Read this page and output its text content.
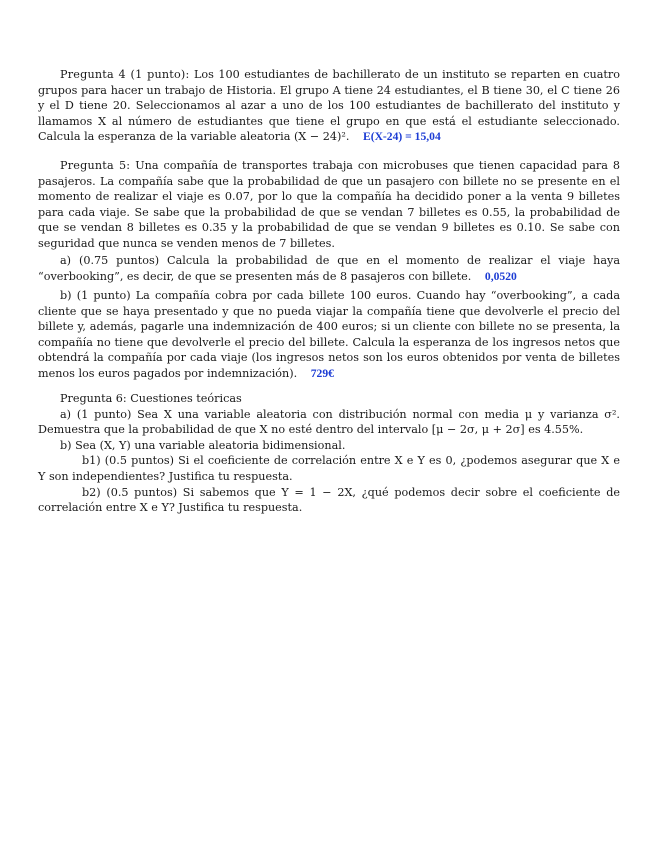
Pregunta 4 (1 punto): Los 100 estudiantes de bachillerato de un instituto se reparten en cuatro grupos para hacer un trabajo de Historia. El grupo A tiene 24 estudiantes, el B tiene 30, el C tiene 26 y el D tiene 20. Seleccionamos al azar a uno de los 100 estudiantes de bachillerato del instituto y llamamos X al número de estudiantes que tiene el grupo en que está el estudiante seleccionado. Calcula la esperanza de la variable aleatoria (X − 24)². E(X-24) = 15,04

Pregunta 5: Una compañía de transportes trabaja con microbuses que tienen capacidad para 8 pasajeros. La compañía sabe que la probabilidad de que un pasajero con billete no se presente en el momento de realizar el viaje es 0.07, por lo que la compañía ha decidido poner a la venta 9 billetes para cada viaje. Se sabe que la probabilidad de que se vendan 7 billetes es 0.55, la probabilidad de que se vendan 8 billetes es 0.35 y la probabilidad de que se vendan 9 billetes es 0.10. Se sabe con seguridad que nunca se venden menos de 7 billetes.

a) (0.75 puntos) Calcula la probabilidad de que en el momento de realizar el viaje haya “overbooking”, es decir, de que se presenten más de 8 pasajeros con billete. 0,0520

b) (1 punto) La compañía cobra por cada billete 100 euros. Cuando hay “overbooking”, a cada cliente que se haya presentado y que no pueda viajar la compañía tiene que devolverle el precio del billete y, además, pagarle una indemnización de 400 euros; si un cliente con billete no se presenta, la compañía no tiene que devolverle el precio del billete. Calcula la esperanza de los ingresos netos que obtendrá la compañía por cada viaje (los ingresos netos son los euros obtenidos por venta de billetes menos los euros pagados por indemnización). 729€

Pregunta 6: Cuestiones teóricas

a) (1 punto) Sea X una variable aleatoria con distribución normal con media μ y varianza σ². Demuestra que la probabilidad de que X no esté dentro del intervalo [μ − 2σ, μ + 2σ] es 4.55%.

b) Sea (X, Y) una variable aleatoria bidimensional.

b1) (0.5 puntos) Si el coeficiente de correlación entre X e Y es 0, ¿podemos asegurar que X e Y son independientes? Justifica tu respuesta.

b2) (0.5 puntos) Si sabemos que Y = 1 − 2X, ¿qué podemos decir sobre el coeficiente de correlación entre X e Y? Justifica tu respuesta.
